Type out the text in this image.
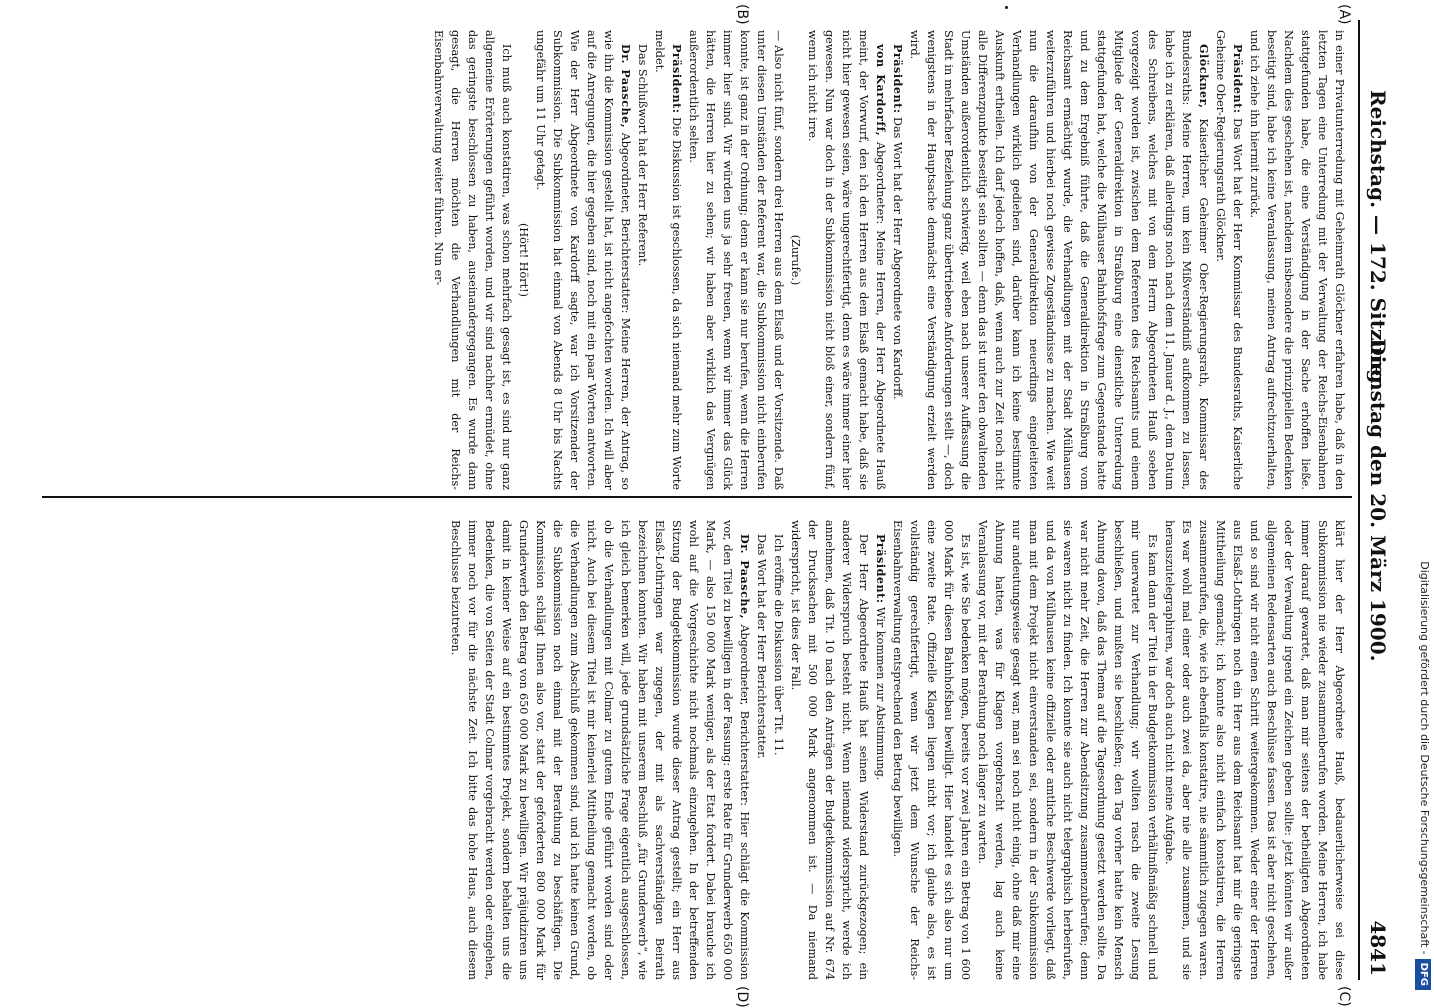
Reichstag. — 172. Sitzung.
Dienstag den 20. März 1900.
4841
(A)
(B)
(C)
(D)

in einer Privatunterredung mit Geheimrath Glöckner erfahren habe, daß in den letzten Tagen eine Unterredung mit der Verwaltung der Reichs-Eisenbahnen stattgefunden habe, die eine Verständigung in der Sache erhoffen ließe. Nachdem dies geschehen ist, nachdem insbesondere die prinzipiellen Bedenken beseitigt sind, habe ich keine Veranlassung, meinen Antrag aufrechtzuerhalten, und ich ziehe ihn hiermit zurück.

Präsident: Das Wort hat der Herr Kommissar des Bundesraths, Kaiserliche Geheime Ober-Regierungsrath Glöckner.

Glöckner, Kaiserlicher Geheimer Ober-Regierungsrath, Kommissar des Bundesraths: Meine Herren, um kein Mißverständniß aufkommen zu lassen, habe ich zu erklären, daß allerdings noch nach dem 11. Januar d. J., dem Datum des Schreibens, welches mit von dem Herrn Abgeordneten Hauß soeben vorgezeigt worden ist, zwischen dem Referenten des Reichsamts und einem Mitgliede der Generaldirektion in Straßburg eine dienstliche Unterredung stattgefunden hat, welche die Mülhauser Bahnhofsfrage zum Gegenstande hatte und zu dem Ergebniß führte, daß die Generaldirektion in Straßburg vom Reichsamt ermächtigt wurde, die Verhandlungen mit der Stadt Mülhausen weiterzuführen und hierbei noch gewisse Zugeständnisse zu machen. Wie weit nun die daraufhin von der Generaldirektion neuerdings eingeleiteten Verhandlungen wirklich gediehen sind, darüber kann ich keine bestimmte Auskunft ertheilen. Ich darf jedoch hoffen, daß, wenn auch zur Zeit noch nicht alle Differenzpunkte beseitigt sein sollten — denn das ist unter den obwaltenden Umständen außerordentlich schwierig, weil eben nach unserer Auffassung die Stadt in mehrfacher Beziehung ganz übertriebene Anforderungen stellt —, doch wenigstens in der Hauptsache demnächst eine Verständigung erzielt werden wird.

Präsident: Das Wort hat der Herr Abgeordnete von Kardorff.

von Kardorff, Abgeordneter: Meine Herren, der Herr Abgeordnete Hauß meint, der Vorwurf, den ich den Herren aus dem Elsaß gemacht habe, daß sie nicht hier gewesen seien, wäre ungerechtfertigt, denn es wäre immer einer hier gewesen. Nun war doch in der Subkommission nicht bloß einer, sondern fünf, wenn ich nicht irre.

(Zurufe.)

— Also nicht fünf, sondern drei Herren aus dem Elsaß und der Vorsitzende. Daß unter diesen Umständen der Referent war, die Subkommission nicht einberufen konnte, ist ganz in der Ordnung; denn er kann sie nur berufen, wenn die Herren immer hier sind. Wir würden uns ja sehr freuen, wenn wir immer das Glück hätten, die Herren hier zu sehen; wir haben aber wirklich das Vergnügen außerordentlich selten.

Präsident: Die Diskussion ist geschlossen, da sich niemand mehr zum Worte meldet.

Das Schlußwort hat der Herr Referent.

Dr. Paasche, Abgeordneter, Berichterstatter: Meine Herren, der Antrag, so wie ihn die Kommission gestellt hat, ist nicht angefochten worden. Ich will aber auf die Anregungen, die hier gegeben sind, noch mit ein paar Worten antworten. Wie der Herr Abgeordnete von Kardorff sagte, war ich Vorsitzender der Subkommission. Die Subkommission hat einmal von Abends 8 Uhr bis Nachts ungefähr um 11 Uhr getagt.

(Hört! Hört!)

Ich muß auch konstatiren, was schon mehrfach gesagt ist, es sind nur ganz allgemeine Erörterungen geführt worden, und wir sind nachher ermüdet, ohne das geringste beschlossen zu haben, auseinandergegangen. Es wurde dann gesagt, die Herren möchten die Verhandlungen mit der Reichs-Eisenbahnverwaltung weiter führen. Nun er-

klärt hier der Herr Abgeordnete Hauß, bedauerlicherweise sei diese Subkommission nie wieder zusammenberufen worden. Meine Herren, ich habe immer darauf gewartet, daß man mir seitens der betheiligten Abgeordneten oder der Verwaltung irgend ein Zeichen geben sollte: jetzt könnten wir außer allgemeinen Redensarten auch Beschlüsse fassen. Das ist aber nicht geschehen, und so sind wir nicht einen Schritt weitergekommen. Weder einer der Herren aus Elsaß-Lothringen noch ein Herr aus dem Reichsamt hat mir die geringste Mittheilung gemacht; ich konnte also nicht einfach konstatiren, die Herren zusammenrufen, die, wie ich ebenfalls konstatire, nie sämmtlich zugegen waren. Es war wohl mal einer oder auch zwei da, aber nie alle zusammen, und sie herauszutelegraphiren, war doch auch nicht meine Aufgabe.

Es kam dann der Titel in der Budgetkommission verhältnißmäßig schnell und mir unerwartet zur Verhandlung; wir wollten rasch die zweite Lesung beschließen, und mußten sie beschließen; den Tag vorher hatte kein Mensch Ahnung davon, daß das Thema auf die Tagesordnung gesetzt werden sollte. Da war nicht mehr Zeit, die Herren zur Abendsitzung zusammenzuberufen; denn sie waren nicht zu finden. Ich konnte sie auch nicht telegraphisch herbeirufen, und da von Mülhausen keine offizielle oder amtliche Beschwerde vorliegt, daß man mit dem Projekt nicht einverstanden sei, sondern in der Subkommission nur andeutungsweise gesagt war, man sei noch nicht einig, ohne daß mir eine Ahnung hatten, was für Klagen vorgebracht werden, lag auch keine Veranlassung vor, mit der Berathung noch länger zu warten.

Es ist, wie Sie bedenken mögen, bereits vor zwei Jahren ein Betrag von 1 600 000 Mark für diesen Bahnhofsbau bewilligt. Hier handelt es sich also nur um eine zweite Rate. Offizielle Klagen liegen nicht vor; ich glaube also, es ist vollständig gerechtfertigt, wenn wir jetzt dem Wunsche der Reichs-Eisenbahnverwaltung entsprechend den Betrag bewilligen.

Präsident: Wir kommen zur Abstimmung.

Der Herr Abgeordnete Hauß hat seinen Widerstand zurückgezogen; ein anderer Widerspruch besteht nicht. Wenn niemand widerspricht, werde ich annehmen, daß Tit. 10 nach den Anträgen der Budgetkommission auf Nr. 674 der Drucksachen mit 500 000 Mark angenommen ist. — Da niemand widerspricht, ist dies der Fall.

Ich eröffne die Diskussion über Tit. 11.

Das Wort hat der Herr Berichterstatter.

Dr. Paasche, Abgeordneter, Berichterstatter: Hier schlägt die Kommission vor, den Titel zu bewilligen in der Fassung: erste Rate für Grunderwerb 650 000 Mark, — also 150 000 Mark weniger, als der Etat fordert. Dabei brauche ich wohl auf die Vorgeschichte nicht nochmals einzugehen. In der betreffenden Sitzung der Budgetkommission wurde dieser Antrag gestellt; ein Herr aus Elsaß-Lothringen war zugegen, der mit als sachverständigen Beirath bezeichnen konnten. Wir haben mit unserem Beschluß „für Grunderwerb“, wie ich gleich bemerken will, jede grundsätzliche Frage eigentlich ausgeschlossen, ob die Verhandlungen mit Colmar zu gutem Ende geführt worden sind oder nicht. Auch bei diesem Titel ist mir keinerlei Mittheilung gemacht worden, ob die Verhandlungen zum Abschluß gekommen sind, und ich hatte keinen Grund, die Subkommission noch einmal mit der Berathung zu beschäftigen. Die Kommission schlägt Ihnen also vor, statt der geforderten 800 000 Mark für Grunderwerb den Betrag von 650 000 Mark zu bewilligen. Wir präjudiziren uns damit in keiner Weise auf ein bestimmtes Projekt, sondern behalten uns die Bedenken, die von Seiten der Stadt Colmar vorgebracht werden oder eingehen, immer noch vor für die nächste Zeit. Ich bitte das hohe Haus, auch diesem Beschlusse beizutreten.	Digitalisierung gefördert durch die Deutsche Forschungsgemeinschaft -DFG
